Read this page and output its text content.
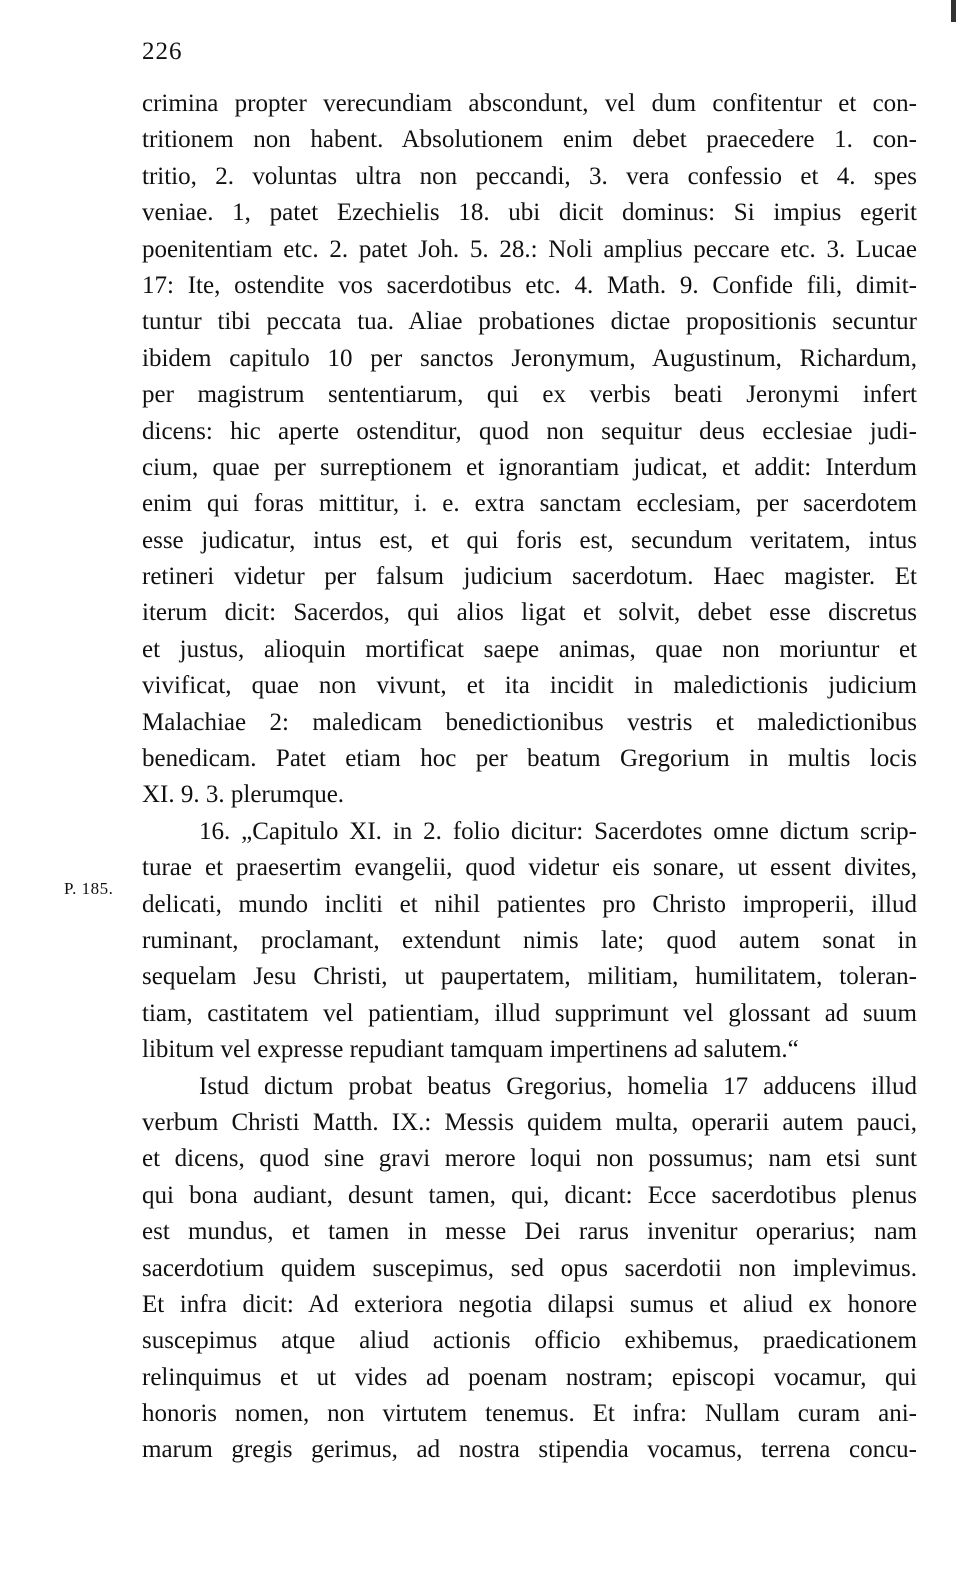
226
P. 185.
crimina propter verecundiam abscondunt, vel dum confitentur et con-
tritionem non habent. Absolutionem enim debet praecedere 1. con-
tritio, 2. voluntas ultra non peccandi, 3. vera confessio et 4. spes
veniae. 1, patet Ezechielis 18. ubi dicit dominus: Si impius egerit
poenitentiam etc. 2. patet Joh. 5. 28.: Noli amplius peccare etc. 3. Lucae
17: Ite, ostendite vos sacerdotibus etc. 4. Math. 9. Confide fili, dimit-
tuntur tibi peccata tua. Aliae probationes dictae propositionis secuntur
ibidem capitulo 10 per sanctos Jeronymum, Augustinum, Richardum,
per magistrum sententiarum, qui ex verbis beati Jeronymi infert
dicens: hic aperte ostenditur, quod non sequitur deus ecclesiae judi-
cium, quae per surreptionem et ignorantiam judicat, et addit: Interdum
enim qui foras mittitur, i. e. extra sanctam ecclesiam, per sacerdotem
esse judicatur, intus est, et qui foris est, secundum veritatem, intus
retineri videtur per falsum judicium sacerdotum. Haec magister. Et
iterum dicit: Sacerdos, qui alios ligat et solvit, debet esse discretus
et justus, alioquin mortificat saepe animas, quae non moriuntur et
vivificat, quae non vivunt, et ita incidit in maledictionis judicium
Malachiae 2: maledicam benedictionibus vestris et maledictionibus
benedicam. Patet etiam hoc per beatum Gregorium in multis locis
XI. 9. 3. plerumque.
16. „Capitulo XI. in 2. folio dicitur: Sacerdotes omne dictum scrip-
turae et praesertim evangelii, quod videtur eis sonare, ut essent divites,
delicati, mundo incliti et nihil patientes pro Christo improperii, illud
ruminant, proclamant, extendunt nimis late; quod autem sonat in
sequelam Jesu Christi, ut paupertatem, militiam, humilitatem, toleran-
tiam, castitatem vel patientiam, illud supprimunt vel glossant ad suum
libitum vel expresse repudiant tamquam impertinens ad salutem.“
Istud dictum probat beatus Gregorius, homelia 17 adducens illud
verbum Christi Matth. IX.: Messis quidem multa, operarii autem pauci,
et dicens, quod sine gravi merore loqui non possumus; nam etsi sunt
qui bona audiant, desunt tamen, qui, dicant: Ecce sacerdotibus plenus
est mundus, et tamen in messe Dei rarus invenitur operarius; nam
sacerdotium quidem suscepimus, sed opus sacerdotii non implevimus.
Et infra dicit: Ad exteriora negotia dilapsi sumus et aliud ex honore
suscepimus atque aliud actionis officio exhibemus, praedicationem
relinquimus et ut vides ad poenam nostram; episcopi vocamur, qui
honoris nomen, non virtutem tenemus. Et infra: Nullam curam ani-
marum gregis gerimus, ad nostra stipendia vocamus, terrena concu-
